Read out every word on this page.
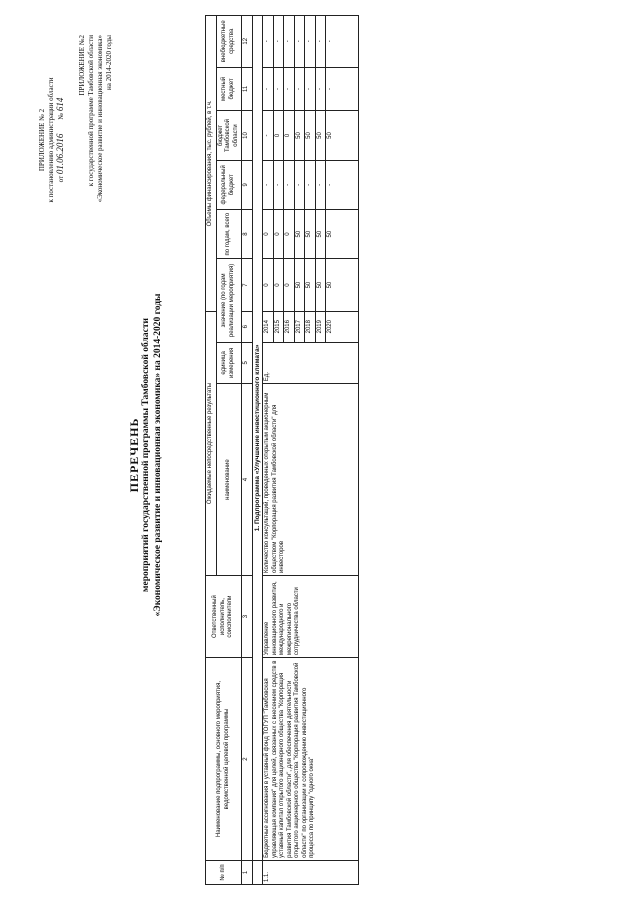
ПРИЛОЖЕНИЕ № 2 к постановлению администрации области от 01.06.2016        № 614
ПРИЛОЖЕНИЕ №2 к государственной программе Тамбовской области «Экономическое развитие и инновационная экономика» на 2014-2020 годы
ПЕРЕЧЕНЬ мероприятий государственной программы Тамбовской области «Экономическое развитие и инновационная экономика» на 2014-2020 годы
№ п/п	Наименование подпрограммы, основного мероприятия, ведомственной целевой программы	Ответственный исполнитель, соисполнители	Ожидаемые непосредственные результаты			Объемы финансирования, тыс. рублей, в т.ч.					
			наименование	единица измерения	значение (по годам реализации мероприятия)		по годам, всего	федеральный бюджет	бюджет Тамбовской области	местный бюджет	внебюджетные средства
1	2	3	4	5	6	7	8	9	10	11	12
	1. Подпрограмма «Улучшение инвестиционного климата»										
1.1.	Бюджетные ассигнования в уставный фонд ТОГУП "Тамбовская управляющая компания" для целей, связанных с внесением средств в уставный капитал открытого акционерного общества "Корпорация развития Тамбовской области", для обеспечения деятельности открытого акционерного общества "Корпорация развития Тамбовской области" по организации и сопровождению инвестиционного процесса по принципу "одного окна"	Управление инновационного развития, международного и межрегионального сотрудничества области	Количество консультаций, проведенных открытым акционерным обществом "Корпорация развития Тамбовской области" для инвесторов	Ед.	2014	0	0	-	-	-	-
					2015	0	0	-	0	-	-
					2016	0	0	-	0	-	-
					2017	50	50	-	50	-	-
					2018	50	50	-	50	-	-
					2019	50	50	-	50	-	-
					2020	50	50	-	50	-	-
